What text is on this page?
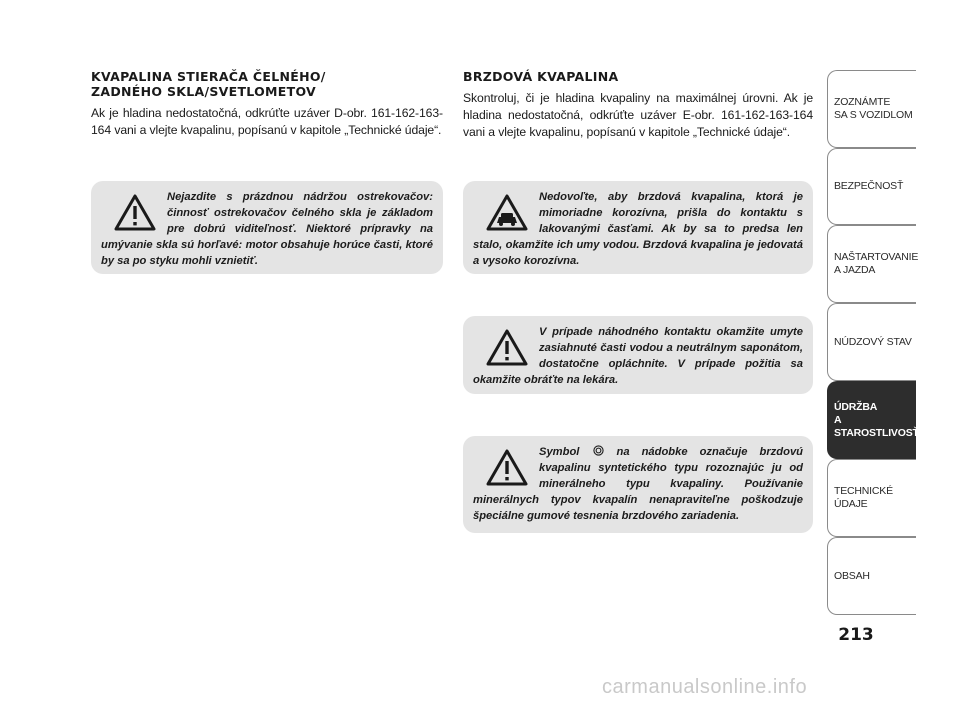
KVAPALINA STIERAČA ČELNÉHO/
ZADNÉHO SKLA/SVETLOMETOV

Ak je hladina nedostatočná, odkrúťte uzáver D-obr. 161-162-163-164 vani a vlejte kvapalinu, popísanú v kapitole „Technické údaje“.

Nejazdite s prázdnou nádržou ostrekovačov: činnosť ostrekovačov čelného skla je základom pre dobrú viditeľnosť. Niektoré prípravky na umývanie skla sú horľavé: motor obsahuje horúce časti, ktoré by sa po styku mohli vznietiť.
BRZDOVÁ KVAPALINA

Skontroluj, či je hladina kvapaliny na maximálnej úrovni. Ak je hladina nedostatočná, odkrúťte uzáver E-obr. 161-162-163-164 vani a vlejte kvapalinu, popísanú v kapitole „Technické údaje“.

Nedovoľte, aby brzdová kvapalina, ktorá je mimoriadne korozívna, prišla do kontaktu s lakovanými časťami. Ak by sa to predsa len stalo, okamžite ich umy vodou. Brzdová kvapalina je jedovatá a vysoko korozívna.
V prípade náhodného kontaktu okamžite umyte zasiahnuté časti vodou a neutrálnym saponátom, dostatočne opláchnite. V prípade požitia sa okamžite obráťte na lekára.
Symbol	na nádobke označuje brzdovú kvapalinu syntetického typu rozoznajúc ju od minerálneho typu kvapaliny. Používanie minerálnych typov kvapalín nenapraviteľne poškodzuje špeciálne gumové tesnenia brzdového zariadenia.
ZOZNÁMTE
SA S VOZIDLOM
BEZPEČNOSŤ
NAŠTARTOVANIE
A JAZDA
NÚDZOVÝ STAV
ÚDRŽBA
A STAROSTLIVOSŤ
TECHNICKÉ
ÚDAJE
OBSAH
213
carmanualsonline.info
